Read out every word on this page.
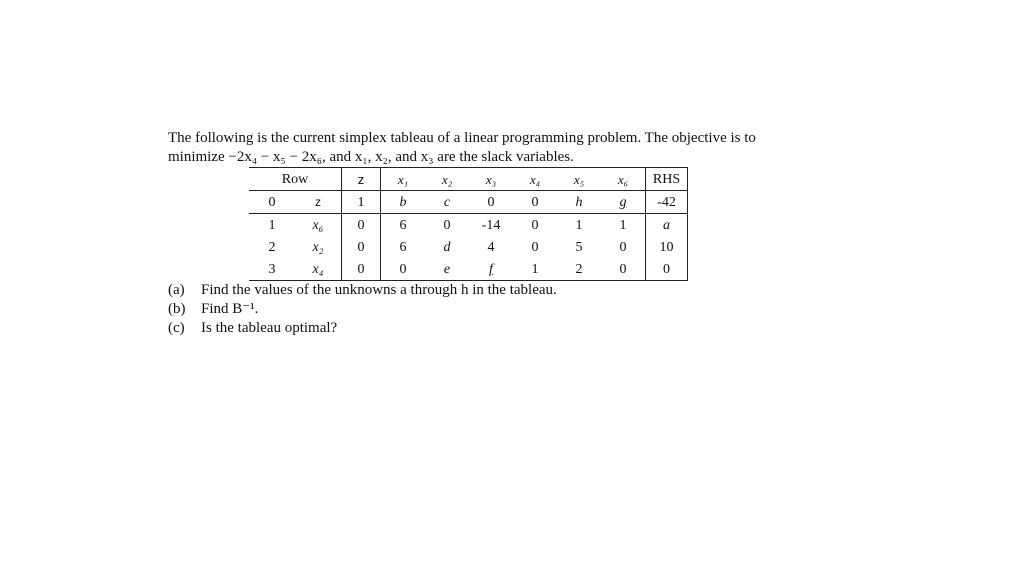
The following is the current simplex tableau of a linear programming problem. The objective is to
minimize −2x₄ − x₅ − 2x₆, and x₁, x₂, and x₃ are the slack variables.

Row		z	x₁	x₂	x₃	x₄	x₅	x₆	RHS
0	z	1	b	c	0	0	h	g	-42
1	x₆	0	6	0	-14	0	1	1	a
2	x₂	0	6	d	4	0	5	0	10
3	x₄	0	0	e	f	1	2	0	0
(a) Find the values of the unknowns a through h in the tableau.
(b) Find B⁻¹.
(c) Is the tableau optimal?
